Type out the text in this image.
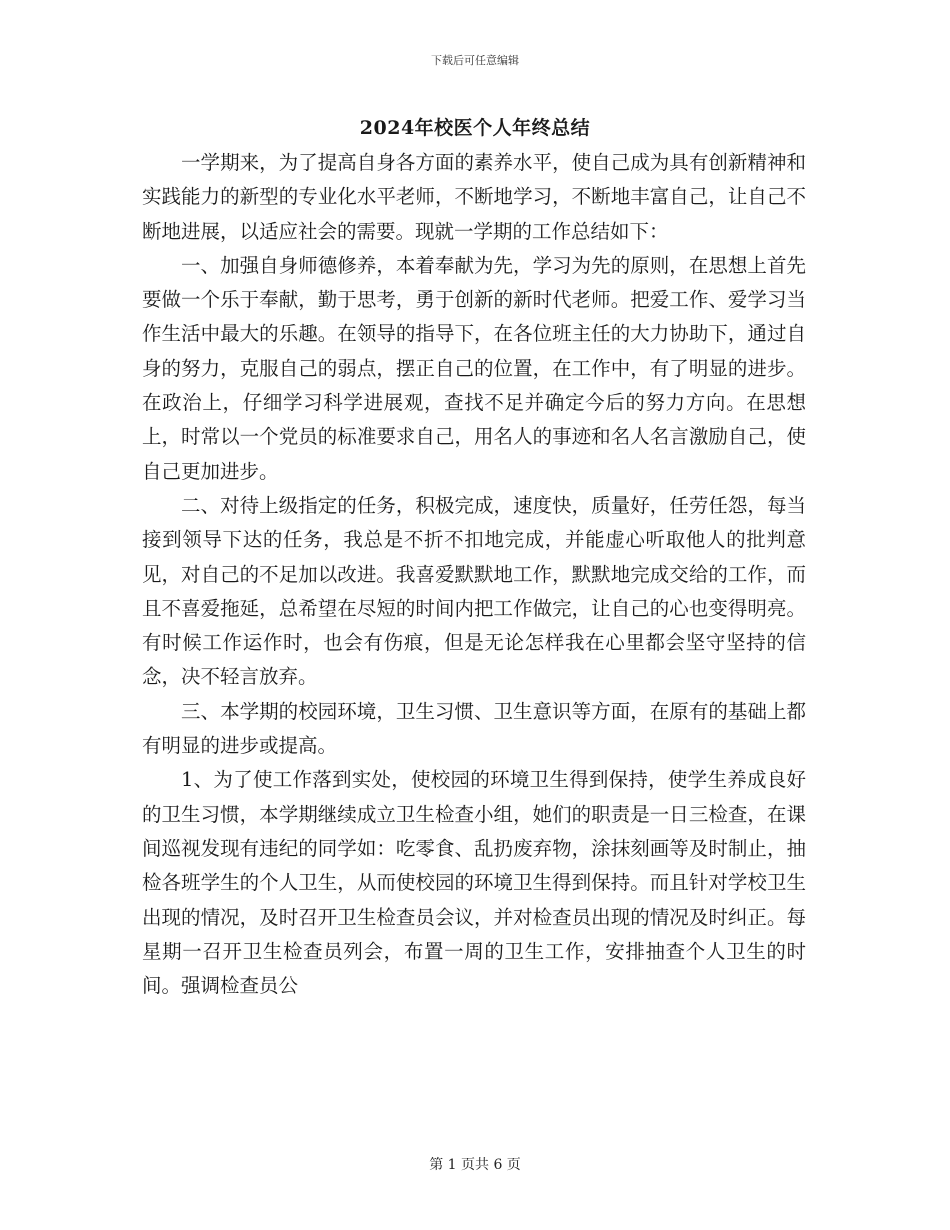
下载后可任意编辑
2024年校医个人年终总结

一学期来，为了提高自身各方面的素养水平，使自己成为具有创新精神和实践能力的新型的专业化水平老师，不断地学习，不断地丰富自己，让自己不断地进展，以适应社会的需要。现就一学期的工作总结如下：

一、加强自身师德修养，本着奉献为先，学习为先的原则，在思想上首先要做一个乐于奉献，勤于思考，勇于创新的新时代老师。把爱工作、爱学习当作生活中最大的乐趣。在领导的指导下，在各位班主任的大力协助下，通过自身的努力，克服自己的弱点，摆正自己的位置，在工作中，有了明显的进步。在政治上，仔细学习科学进展观，查找不足并确定今后的努力方向。在思想上，时常以一个党员的标准要求自己，用名人的事迹和名人名言激励自己，使自己更加进步。

二、对待上级指定的任务，积极完成，速度快，质量好，任劳任怨，每当接到领导下达的任务，我总是不折不扣地完成，并能虚心听取他人的批判意见，对自己的不足加以改进。我喜爱默默地工作，默默地完成交给的工作，而且不喜爱拖延，总希望在尽短的时间内把工作做完，让自己的心也变得明亮。有时候工作运作时，也会有伤痕，但是无论怎样我在心里都会坚守坚持的信念，决不轻言放弃。

三、本学期的校园环境，卫生习惯、卫生意识等方面，在原有的基础上都有明显的进步或提高。

1、为了使工作落到实处，使校园的环境卫生得到保持，使学生养成良好的卫生习惯，本学期继续成立卫生检查小组，她们的职责是一日三检查，在课间巡视发现有违纪的同学如：吃零食、乱扔废弃物，涂抹刻画等及时制止，抽检各班学生的个人卫生，从而使校园的环境卫生得到保持。而且针对学校卫生出现的情况，及时召开卫生检查员会议，并对检查员出现的情况及时纠正。每星期一召开卫生检查员列会，布置一周的卫生工作，安排抽查个人卫生的时间。强调检查员公

第 1 页共 6 页
